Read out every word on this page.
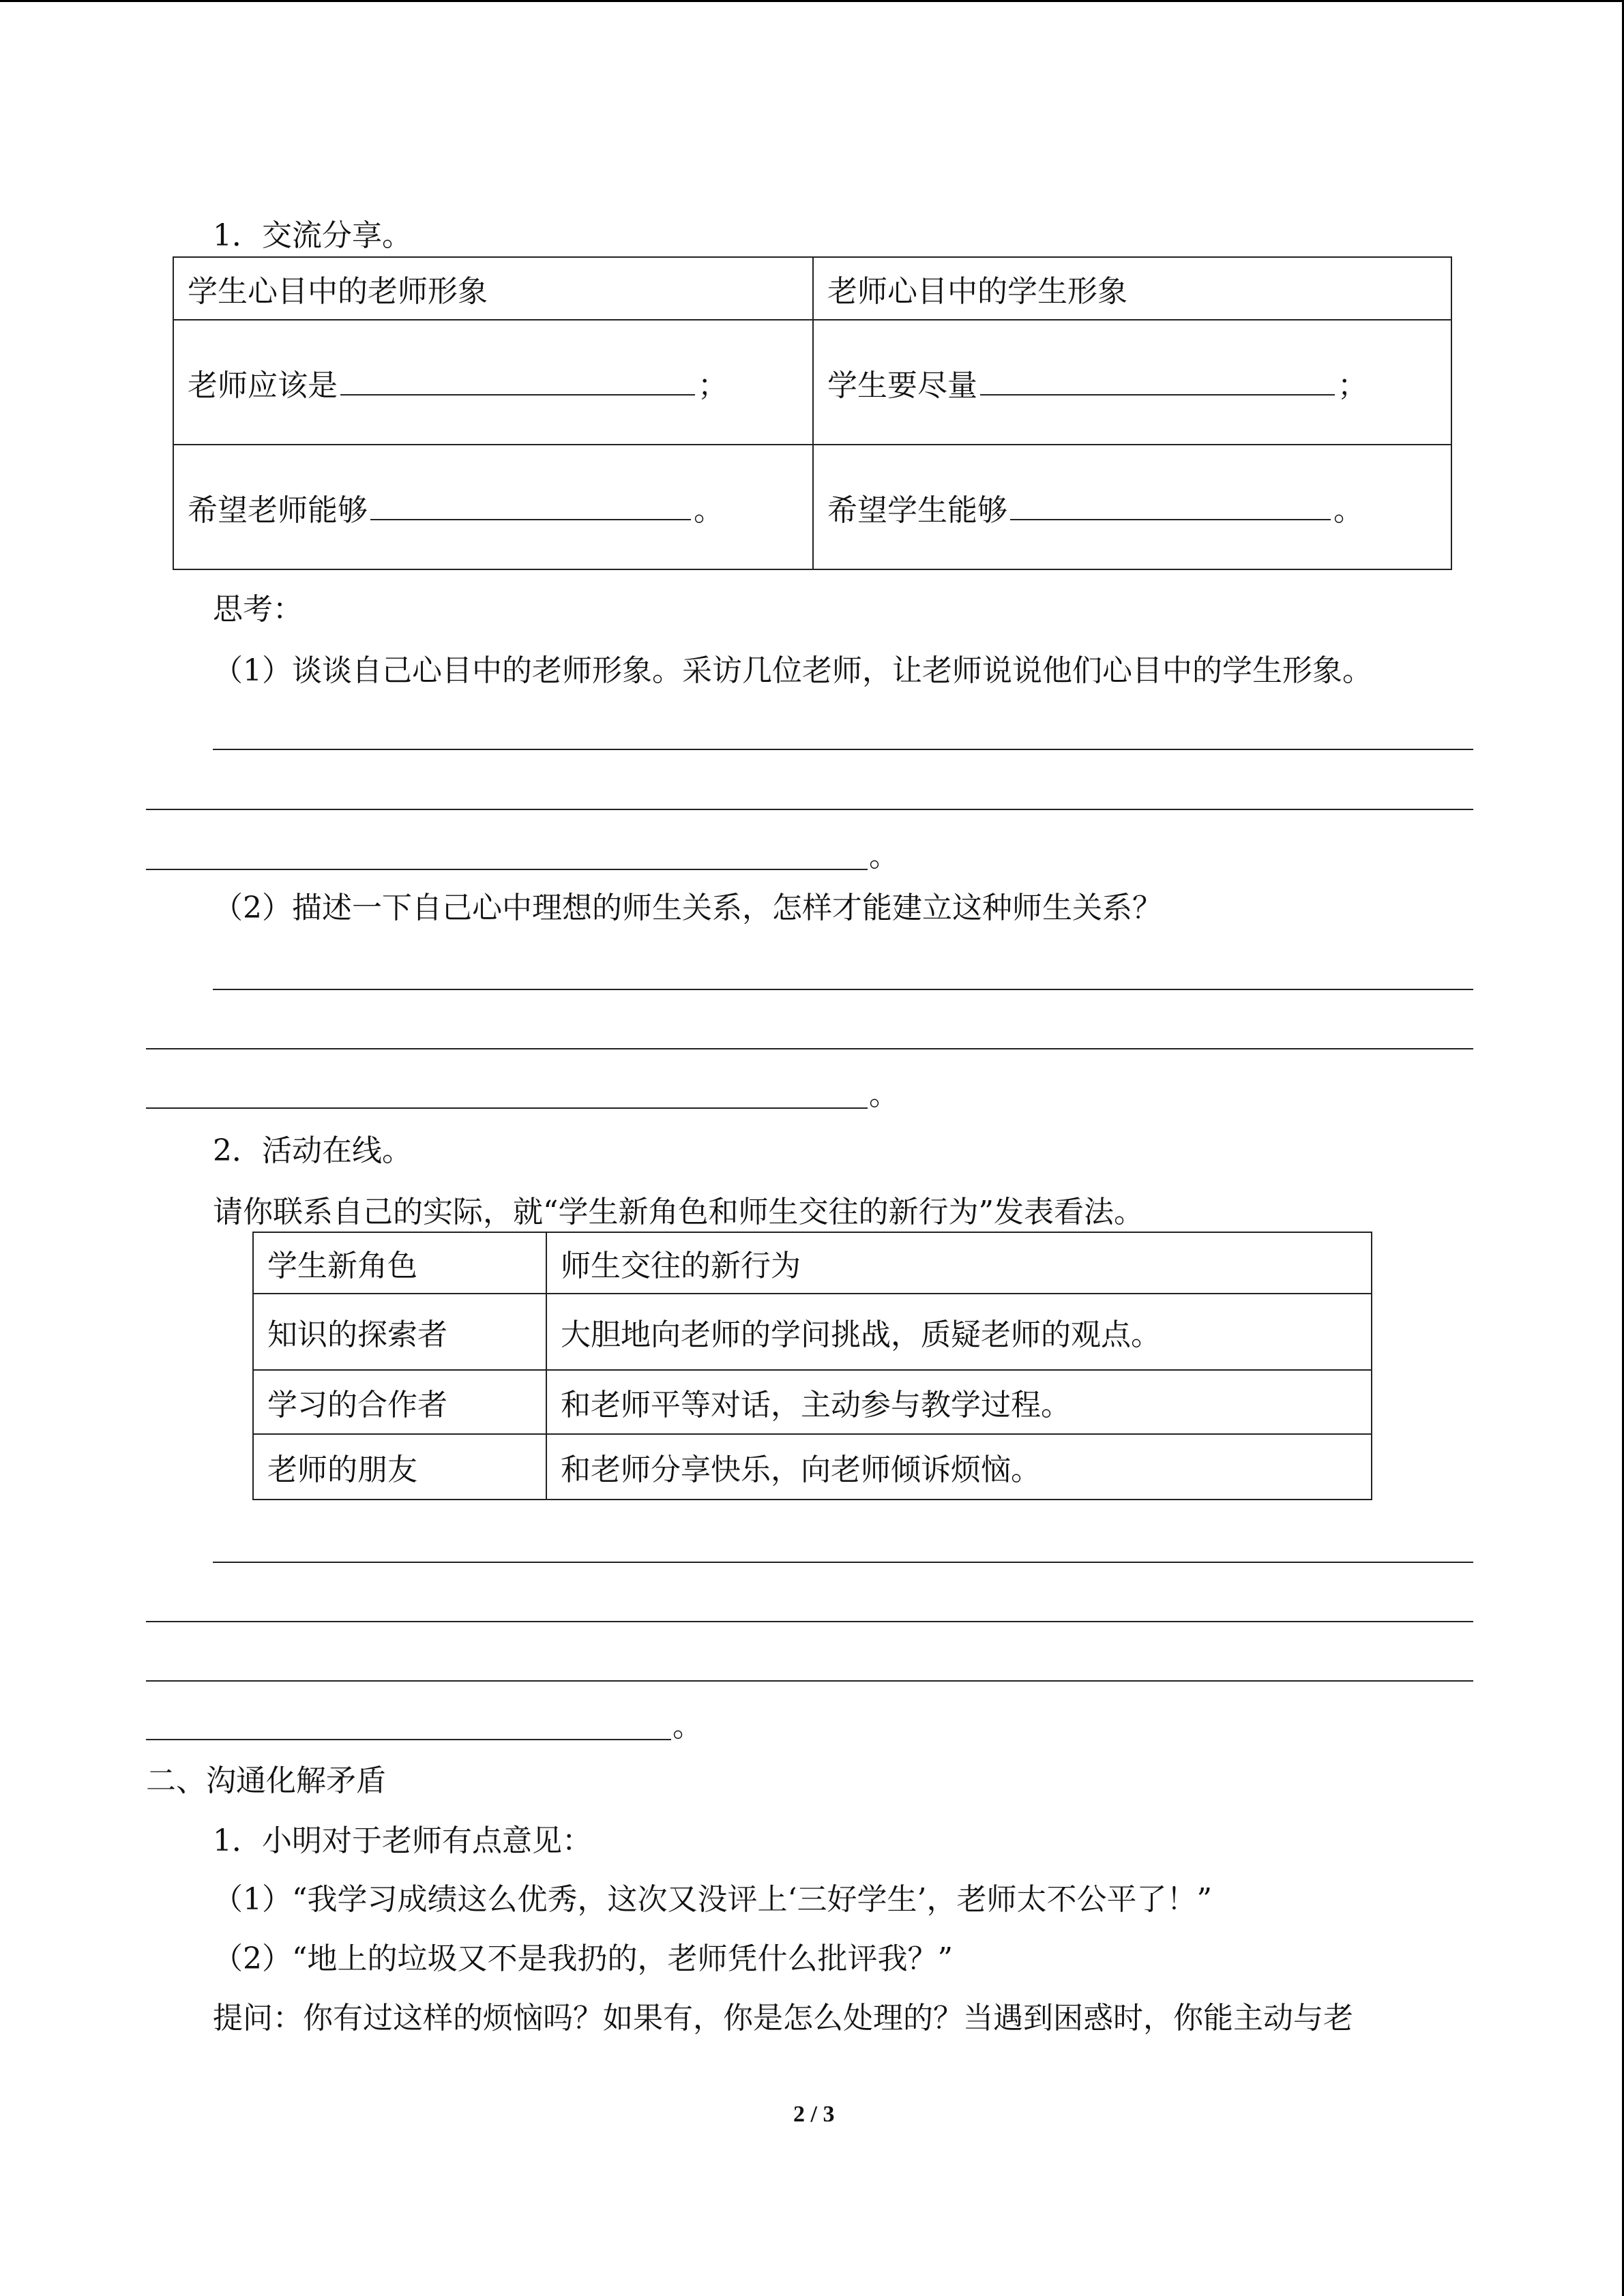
1．交流分享。
学生心目中的老师形象	老师心目中的学生形象
老师应该是 ；	学生要尽量 ；
希望老师能够 。	希望学生能够 。
思考：
（1）谈谈自己心目中的老师形象。采访几位老师，让老师说说他们心目中的学生形象。
。
（2）描述一下自己心中理想的师生关系，怎样才能建立这种师生关系？
。
2．活动在线。
请你联系自己的实际，就“学生新角色和师生交往的新行为”发表看法。
学生新角色	师生交往的新行为
知识的探索者	大胆地向老师的学问挑战，质疑老师的观点。
学习的合作者	和老师平等对话，主动参与教学过程。
老师的朋友	和老师分享快乐，向老师倾诉烦恼。
。
二、沟通化解矛盾
1．小明对于老师有点意见：
（1）“我学习成绩这么优秀，这次又没评上‘三好学生’，老师太不公平了！”
（2）“地上的垃圾又不是我扔的，老师凭什么批评我？”
提问：你有过这样的烦恼吗？如果有，你是怎么处理的？当遇到困惑时，你能主动与老
2 / 3
